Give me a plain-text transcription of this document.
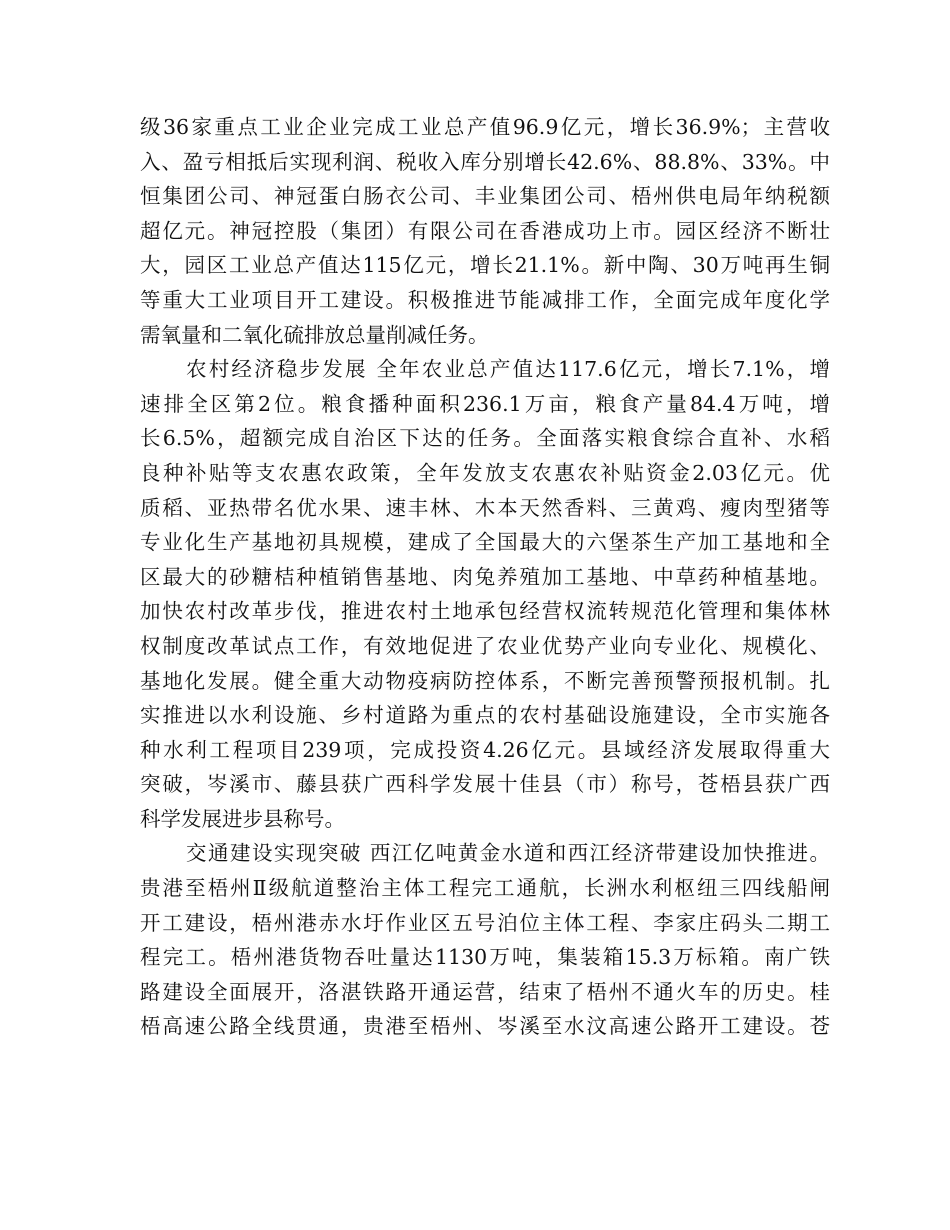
级36家重点工业企业完成工业总产值96.9亿元，增长36.9%；主营收
入、盈亏相抵后实现利润、税收入库分别增长42.6%、88.8%、33%。中
恒集团公司、神冠蛋白肠衣公司、丰业集团公司、梧州供电局年纳税额
超亿元。神冠控股（集团）有限公司在香港成功上市。园区经济不断壮
大，园区工业总产值达115亿元，增长21.1%。新中陶、30万吨再生铜
等重大工业项目开工建设。积极推进节能减排工作，全面完成年度化学
需氧量和二氧化硫排放总量削减任务。
农村经济稳步发展 全年农业总产值达117.6亿元，增长7.1%，增
速排全区第2位。粮食播种面积236.1万亩，粮食产量84.4万吨，增
长6.5%，超额完成自治区下达的任务。全面落实粮食综合直补、水稻
良种补贴等支农惠农政策，全年发放支农惠农补贴资金2.03亿元。优
质稻、亚热带名优水果、速丰林、木本天然香料、三黄鸡、瘦肉型猪等
专业化生产基地初具规模，建成了全国最大的六堡茶生产加工基地和全
区最大的砂糖桔种植销售基地、肉兔养殖加工基地、中草药种植基地。
加快农村改革步伐，推进农村土地承包经营权流转规范化管理和集体林
权制度改革试点工作，有效地促进了农业优势产业向专业化、规模化、
基地化发展。健全重大动物疫病防控体系，不断完善预警预报机制。扎
实推进以水利设施、乡村道路为重点的农村基础设施建设，全市实施各
种水利工程项目239项，完成投资4.26亿元。县域经济发展取得重大
突破，岑溪市、藤县获广西科学发展十佳县（市）称号，苍梧县获广西
科学发展进步县称号。
交通建设实现突破 西江亿吨黄金水道和西江经济带建设加快推进。
贵港至梧州Ⅱ级航道整治主体工程完工通航，长洲水利枢纽三四线船闸
开工建设，梧州港赤水圩作业区五号泊位主体工程、李家庄码头二期工
程完工。梧州港货物吞吐量达1130万吨，集装箱15.3万标箱。南广铁
路建设全面展开，洛湛铁路开通运营，结束了梧州不通火车的历史。桂
梧高速公路全线贯通，贵港至梧州、岑溪至水汶高速公路开工建设。苍
